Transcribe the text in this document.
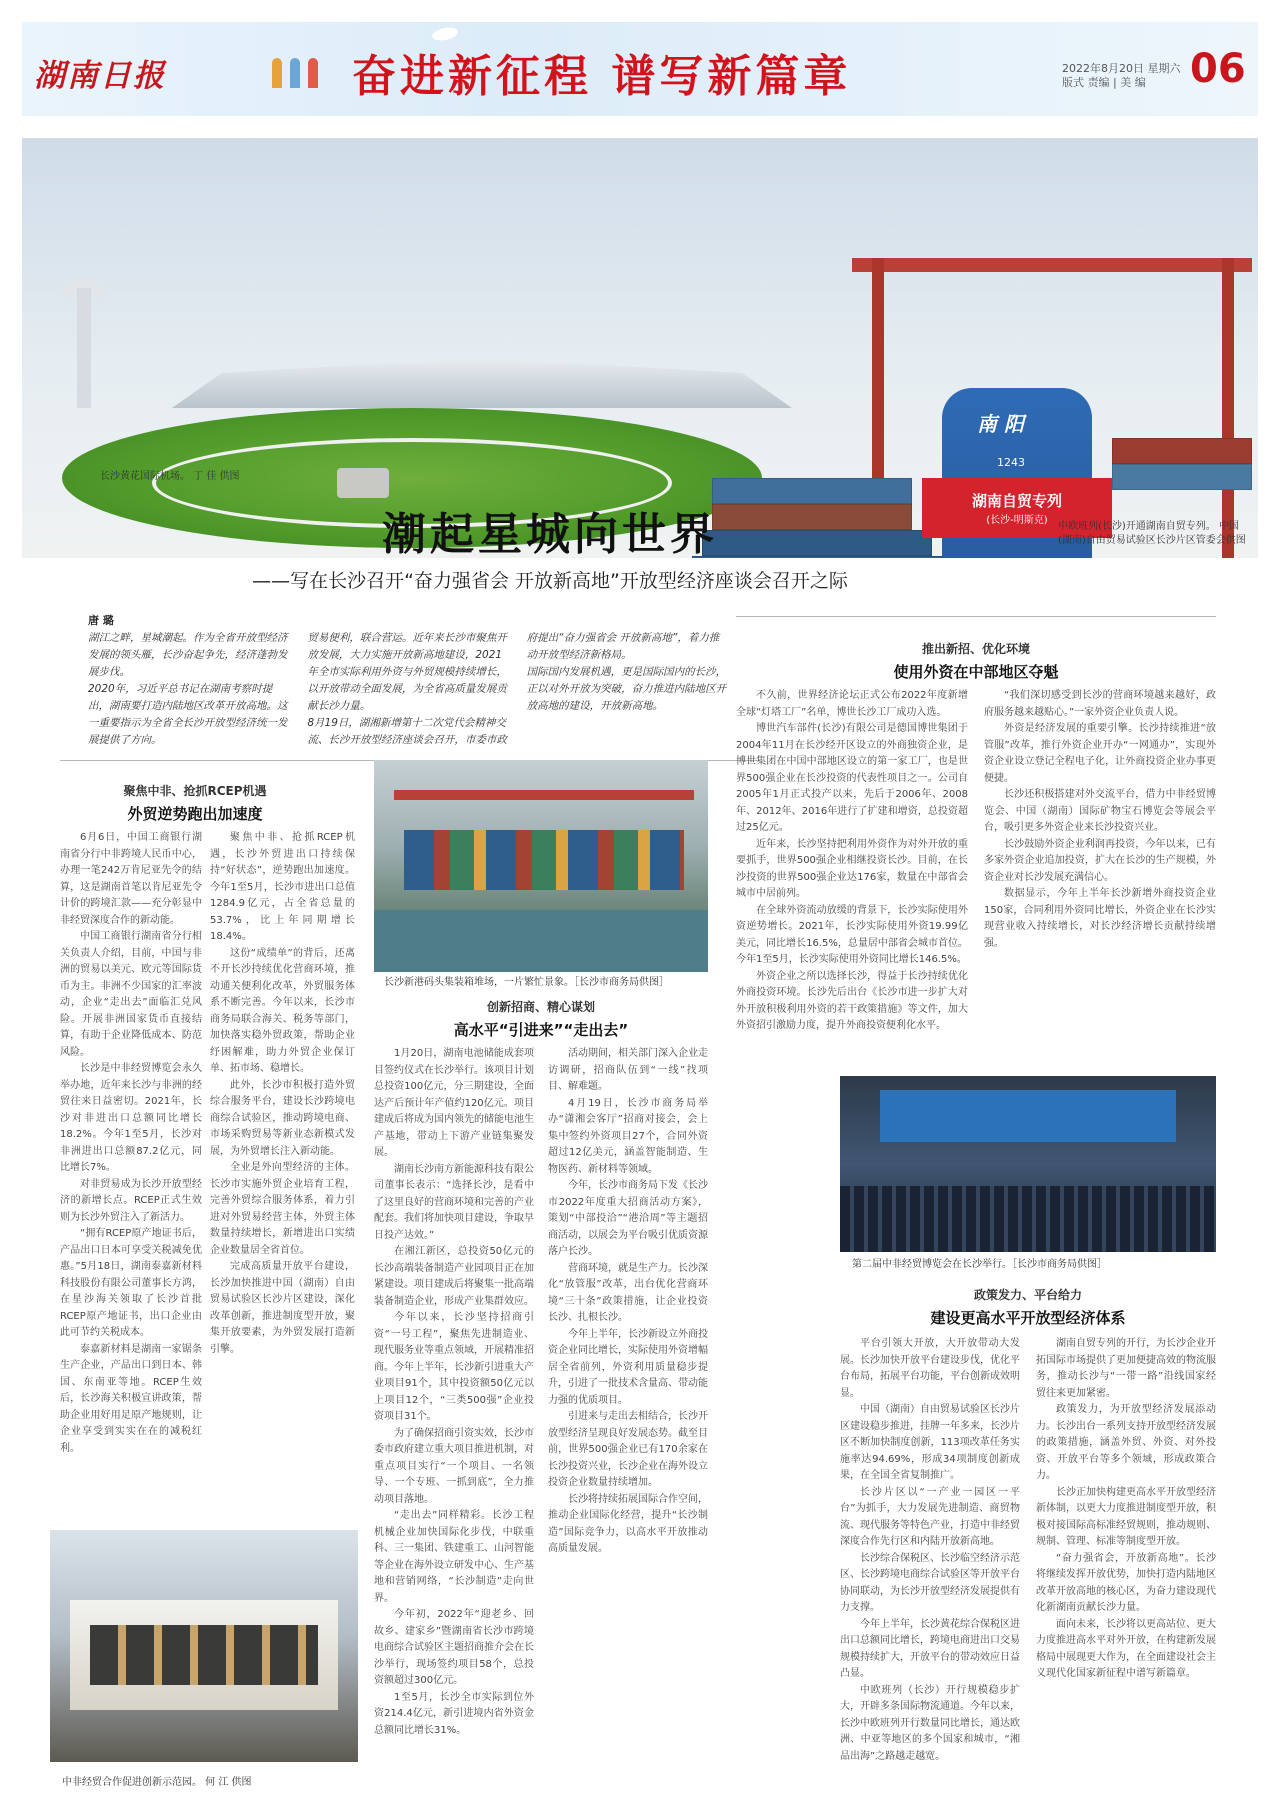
湖南日报	奋进新征程 谱写新篇章	2022年8月20日 星期六
版式 责编 | 美 编	06
湖南自贸专列
(长沙-明斯克)
南 阳
1243
长沙黄花国际机场。 丁 佳 供图
中欧班列(长沙)开通湖南自贸专列。 中国(湖南)自由贸易试验区长沙片区管委会供图
潮起星城向世界
——写在长沙召开“奋力强省会 开放新高地”开放型经济座谈会召开之际
唐 璐

湖江之畔，星城潮起。作为全省开放型经济发展的领头雁，长沙奋起争先，经济蓬勃发展步伐。

2020年，习近平总书记在湖南考察时提出，湖南要打造内陆地区改革开放高地。这一重要指示为全省全长沙开放型经济统一发展提供了方向。

贸易便利，联合营运。近年来长沙市聚焦开放发展，大力实施开放新高地建设，2021年全市实际利用外资与外贸规模持续增长，以开放带动全面发展，为全省高质量发展贡献长沙力量。

8月19日，湖湘新增第十二次党代会精神交流、长沙开放型经济座谈会召开，市委市政府提出“奋力强省会 开放新高地”，着力推动开放型经济新格局。

国际国内发展机遇，更是国际国内的长沙，正以对外开放为突破，奋力推进内陆地区开放高地的建设，开放新高地。

聚焦中非、抢抓RCEP机遇
外贸逆势跑出加速度

6月6日，中国工商银行湖南省分行中非跨境人民币中心，办理一笔242万肯尼亚先令的结算，这是湖南首笔以肯尼亚先令计价的跨境汇款——充分彰显中非经贸深度合作的新动能。

中国工商银行湖南省分行相关负责人介绍，目前，中国与非洲的贸易以美元、欧元等国际货币为主。非洲不少国家的汇率波动，企业“走出去”面临汇兑风险。开展非洲国家货币直接结算，有助于企业降低成本、防范风险。

长沙是中非经贸博览会永久举办地，近年来长沙与非洲的经贸往来日益密切。2021年，长沙对非进出口总额同比增长18.2%。今年1至5月，长沙对非洲进出口总额87.2亿元，同比增长7%。

对非贸易成为长沙开放型经济的新增长点。RCEP正式生效则为长沙外贸注入了新活力。

“拥有RCEP原产地证书后，产品出口日本可享受关税减免优惠。”5月18日，湖南泰嘉新材料科技股份有限公司董事长方鸿，在星沙海关领取了长沙首批RCEP原产地证书，出口企业由此可节约关税成本。

泰嘉新材料是湖南一家锯条生产企业，产品出口到日本、韩国、东南亚等地。RCEP生效后，长沙海关积极宣讲政策，帮助企业用好用足原产地规则，让企业享受到实实在在的减税红利。

聚焦中非、抢抓RCEP机遇，长沙外贸进出口持续保持“好状态”，逆势跑出加速度。今年1至5月，长沙市进出口总值1284.9亿元，占全省总量的53.7%，比上年同期增长18.4%。

这份“成绩单”的背后，还离不开长沙持续优化营商环境，推动通关便利化改革，外贸服务体系不断完善。今年以来，长沙市商务局联合海关、税务等部门，加快落实稳外贸政策，帮助企业纾困解难，助力外贸企业保订单、拓市场、稳增长。

此外，长沙市积极打造外贸综合服务平台，建设长沙跨境电商综合试验区，推动跨境电商、市场采购贸易等新业态新模式发展，为外贸增长注入新动能。

全业是外向型经济的主体。长沙市实施外贸企业培育工程，完善外贸综合服务体系，着力引进对外贸易经营主体，外贸主体数量持续增长，新增进出口实绩企业数量居全省首位。

完成高质量开放平台建设，长沙加快推进中国（湖南）自由贸易试验区长沙片区建设，深化改革创新，推进制度型开放，聚集开放要素，为外贸发展打造新引擎。

长沙新港码头集装箱堆场，一片繁忙景象。［长沙市商务局供图］
创新招商、精心谋划
高水平“引进来”“走出去”

1月20日，湖南电池储能成套项目签约仪式在长沙举行。该项目计划总投资100亿元，分三期建设，全面达产后预计年产值约120亿元。项目建成后将成为国内领先的储能电池生产基地，带动上下游产业链集聚发展。

湖南长沙南方新能源科技有限公司董事长表示：“选择长沙，是看中了这里良好的营商环境和完善的产业配套。我们将加快项目建设，争取早日投产达效。”

在湘江新区，总投资50亿元的长沙高端装备制造产业园项目正在加紧建设。项目建成后将聚集一批高端装备制造企业，形成产业集群效应。

今年以来，长沙坚持招商引资“一号工程”，聚焦先进制造业、现代服务业等重点领域，开展精准招商。今年上半年，长沙新引进重大产业项目91个，其中投资额50亿元以上项目12个，“三类500强”企业投资项目31个。

为了确保招商引资实效，长沙市委市政府建立重大项目推进机制，对重点项目实行“一个项目、一名领导、一个专班、一抓到底”，全力推动项目落地。

“走出去”同样精彩。长沙工程机械企业加快国际化步伐，中联重科、三一集团、铁建重工、山河智能等企业在海外设立研发中心、生产基地和营销网络，“长沙制造”走向世界。

今年初，2022年“迎老乡、回故乡、建家乡”暨湖南省长沙市跨境电商综合试验区主题招商推介会在长沙举行，现场签约项目58个，总投资额超过300亿元。

1至5月，长沙全市实际到位外资214.4亿元，新引进境内省外资金总额同比增长31%。

活动期间，相关部门深入企业走访调研，招商队伍到“一线”找项目、解难题。

4月19日，长沙市商务局举办“潇湘会客厅”招商对接会，会上集中签约外资项目27个，合同外资超过12亿美元，涵盖智能制造、生物医药、新材料等领域。

今年，长沙市商务局下发《长沙市2022年度重大招商活动方案》，策划“中部投洽”“港洽周”等主题招商活动，以展会为平台吸引优质资源落户长沙。

营商环境，就是生产力。长沙深化“放管服”改革，出台优化营商环境“三十条”政策措施，让企业投资长沙、扎根长沙。

今年上半年，长沙新设立外商投资企业同比增长，实际使用外资增幅居全省前列，外资利用质量稳步提升，引进了一批技术含量高、带动能力强的优质项目。

引进来与走出去相结合，长沙开放型经济呈现良好发展态势。截至目前，世界500强企业已有170余家在长沙投资兴业，长沙企业在海外设立投资企业数量持续增加。

长沙将持续拓展国际合作空间，推动企业国际化经营，提升“长沙制造”国际竞争力，以高水平开放推动高质量发展。

中非经贸合作促进创新示范园。 何 江 供图
推出新招、优化环境
使用外资在中部地区夺魁

不久前，世界经济论坛正式公布2022年度新增全球“灯塔工厂”名单，博世长沙工厂成功入选。

博世汽车部件(长沙)有限公司是德国博世集团于2004年11月在长沙经开区设立的外商独资企业，是博世集团在中国中部地区设立的第一家工厂，也是世界500强企业在长沙投资的代表性项目之一。公司自2005年1月正式投产以来，先后于2006年、2008年、2012年、2016年进行了扩建和增资，总投资超过25亿元。

近年来，长沙坚持把利用外资作为对外开放的重要抓手，世界500强企业相继投资长沙。目前，在长沙投资的世界500强企业达176家，数量在中部省会城市中居前列。

在全球外资流动放缓的背景下，长沙实际使用外资逆势增长。2021年，长沙实际使用外资19.99亿美元，同比增长16.5%，总量居中部省会城市首位。今年1至5月，长沙实际使用外资同比增长146.5%。

外资企业之所以选择长沙，得益于长沙持续优化外商投资环境。长沙先后出台《长沙市进一步扩大对外开放积极利用外资的若干政策措施》等文件，加大外资招引激励力度，提升外商投资便利化水平。

“我们深切感受到长沙的营商环境越来越好，政府服务越来越贴心。”一家外资企业负责人说。

外资是经济发展的重要引擎。长沙持续推进“放管服”改革，推行外资企业开办“一网通办”，实现外资企业设立登记全程电子化，让外商投资企业办事更便捷。

长沙还积极搭建对外交流平台，借力中非经贸博览会、中国（湖南）国际矿物宝石博览会等展会平台，吸引更多外资企业来长沙投资兴业。

长沙鼓励外资企业利润再投资，今年以来，已有多家外资企业追加投资，扩大在长沙的生产规模，外资企业对长沙发展充满信心。

数据显示，今年上半年长沙新增外商投资企业150家，合同利用外资同比增长，外资企业在长沙实现营业收入持续增长，对长沙经济增长贡献持续增强。

第二届中非经贸博览会在长沙举行。［长沙市商务局供图］
政策发力、平台给力
建设更高水平开放型经济体系

平台引领大开放，大开放带动大发展。长沙加快开放平台建设步伐，优化平台布局，拓展平台功能，平台创新成效明显。

中国（湖南）自由贸易试验区长沙片区建设稳步推进，挂牌一年多来，长沙片区不断加快制度创新，113项改革任务实施率达94.69%，形成34项制度创新成果，在全国全省复制推广。

长沙片区以“一产业一园区一平台”为抓手，大力发展先进制造、商贸物流、现代服务等特色产业，打造中非经贸深度合作先行区和内陆开放新高地。

长沙综合保税区、长沙临空经济示范区、长沙跨境电商综合试验区等开放平台协同联动，为长沙开放型经济发展提供有力支撑。

今年上半年，长沙黄花综合保税区进出口总额同比增长，跨境电商进出口交易规模持续扩大，开放平台的带动效应日益凸显。

中欧班列（长沙）开行规模稳步扩大，开辟多条国际物流通道。今年以来，长沙中欧班列开行数量同比增长，通达欧洲、中亚等地区的多个国家和城市，“湘品出海”之路越走越宽。

湖南自贸专列的开行，为长沙企业开拓国际市场提供了更加便捷高效的物流服务，推动长沙与“一带一路”沿线国家经贸往来更加紧密。

政策发力，为开放型经济发展添动力。长沙出台一系列支持开放型经济发展的政策措施，涵盖外贸、外资、对外投资、开放平台等多个领域，形成政策合力。

长沙正加快构建更高水平开放型经济新体制，以更大力度推进制度型开放，积极对接国际高标准经贸规则，推动规则、规制、管理、标准等制度型开放。

“奋力强省会，开放新高地”。长沙将继续发挥开放优势，加快打造内陆地区改革开放高地的核心区，为奋力建设现代化新湖南贡献长沙力量。

面向未来，长沙将以更高站位、更大力度推进高水平对外开放，在构建新发展格局中展现更大作为，在全面建设社会主义现代化国家新征程中谱写新篇章。
